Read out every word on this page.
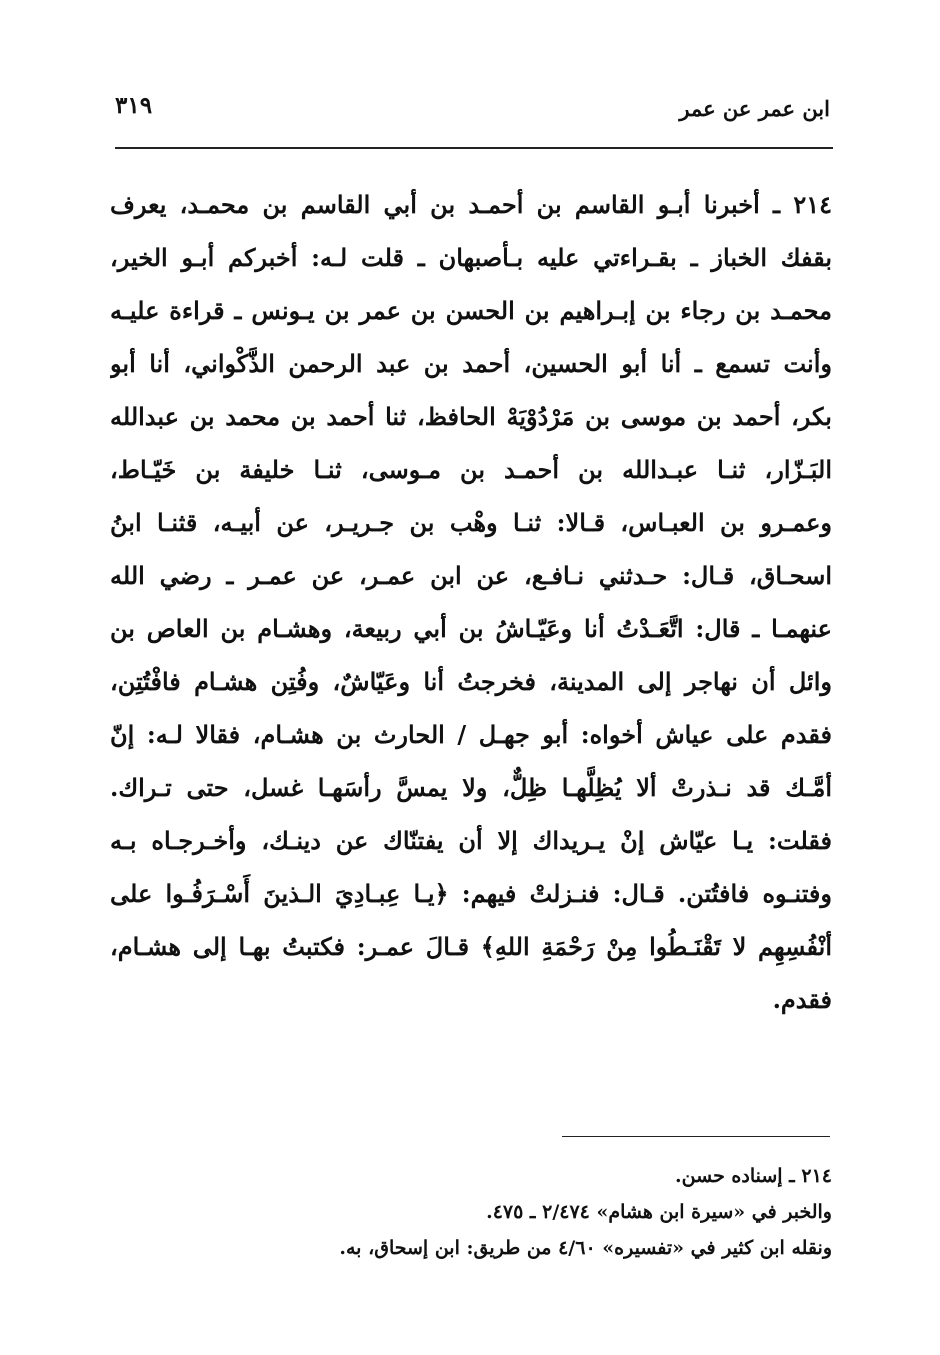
ابن عمر عن عمر
٣١٩
٢١٤ ـ أخبرنا أبـو القاسم بن أحمـد بن أبي القاسم بن محمـد، يعرف
بقفك الخباز ـ بقـراءتي عليه بـأصبهان ـ قلت لـه: أخبركم أبـو الخير،
محمـد بن رجاء بن إبـراهيم بن الحسن بن عمر بن يـونس ـ قراءة عليـه
وأنت تسمع ـ أنا أبو الحسين، أحمد بن عبد الرحمن الذَّكْواني، أنا أبو
بكر، أحمد بن موسى بن مَرْدُوْيَهْ الحافظ، ثنا أحمد بن محمد بن عبدالله
البَـزّار، ثنـا عبـدالله بن أحمـد بن مـوسى، ثنـا خليفة بن خَيّـاط،
وعمـرو بن العبـاس، قـالا: ثنـا وهْب بن جـريـر، عن أبيـه، قثنـا ابنُ
اسحـاق، قـال: حـدثني نـافـع، عن ابن عمـر، عن عمـر ـ رضي الله
عنهمـا ـ قال: اتَّعَـدْتُ أنا وعَيّـاشُ بن أبي ربيعة، وهشـام بن العاص بن
وائل أن نهاجر إلى المدينة، فخرجتُ أنا وعَيّاشٌ، وفُتِن هشـام فافْتُتِن،
فقدم على عياش أخواه: أبو جهـل / الحارث بن هشـام، فقالا لـه: إنّ
أمَّـك قد نـذرتْ ألا يُظِلَّهـا ظِلٌّ، ولا يمسَّ رأسَهـا غسل، حتى تـراك.
فقلت: يـا عيّاش إنْ يـريداك إلا أن يفتنّاك عن دينـك، وأخـرجـاه بـه
وفتنـوه فافتُتن. قـال: فنـزلتْ فيهم: ﴿يـا عِبـادِيَ الـذينَ أَسْـرَفُـوا على
أنْفُسِهِم لا تَقْنَـطُوا مِنْ رَحْمَةِ اللهِ﴾ قـالَ عمـر: فكتبتُ بهـا إلى هشـام،
فقدم.
٢١٤ ـ إسناده حسن.
والخبر في «سيرة ابن هشام» ٢/٤٧٤ ـ ٤٧٥.
ونقله ابن كثير في «تفسيره» ٤/٦٠ من طريق: ابن إسحاق، به.
